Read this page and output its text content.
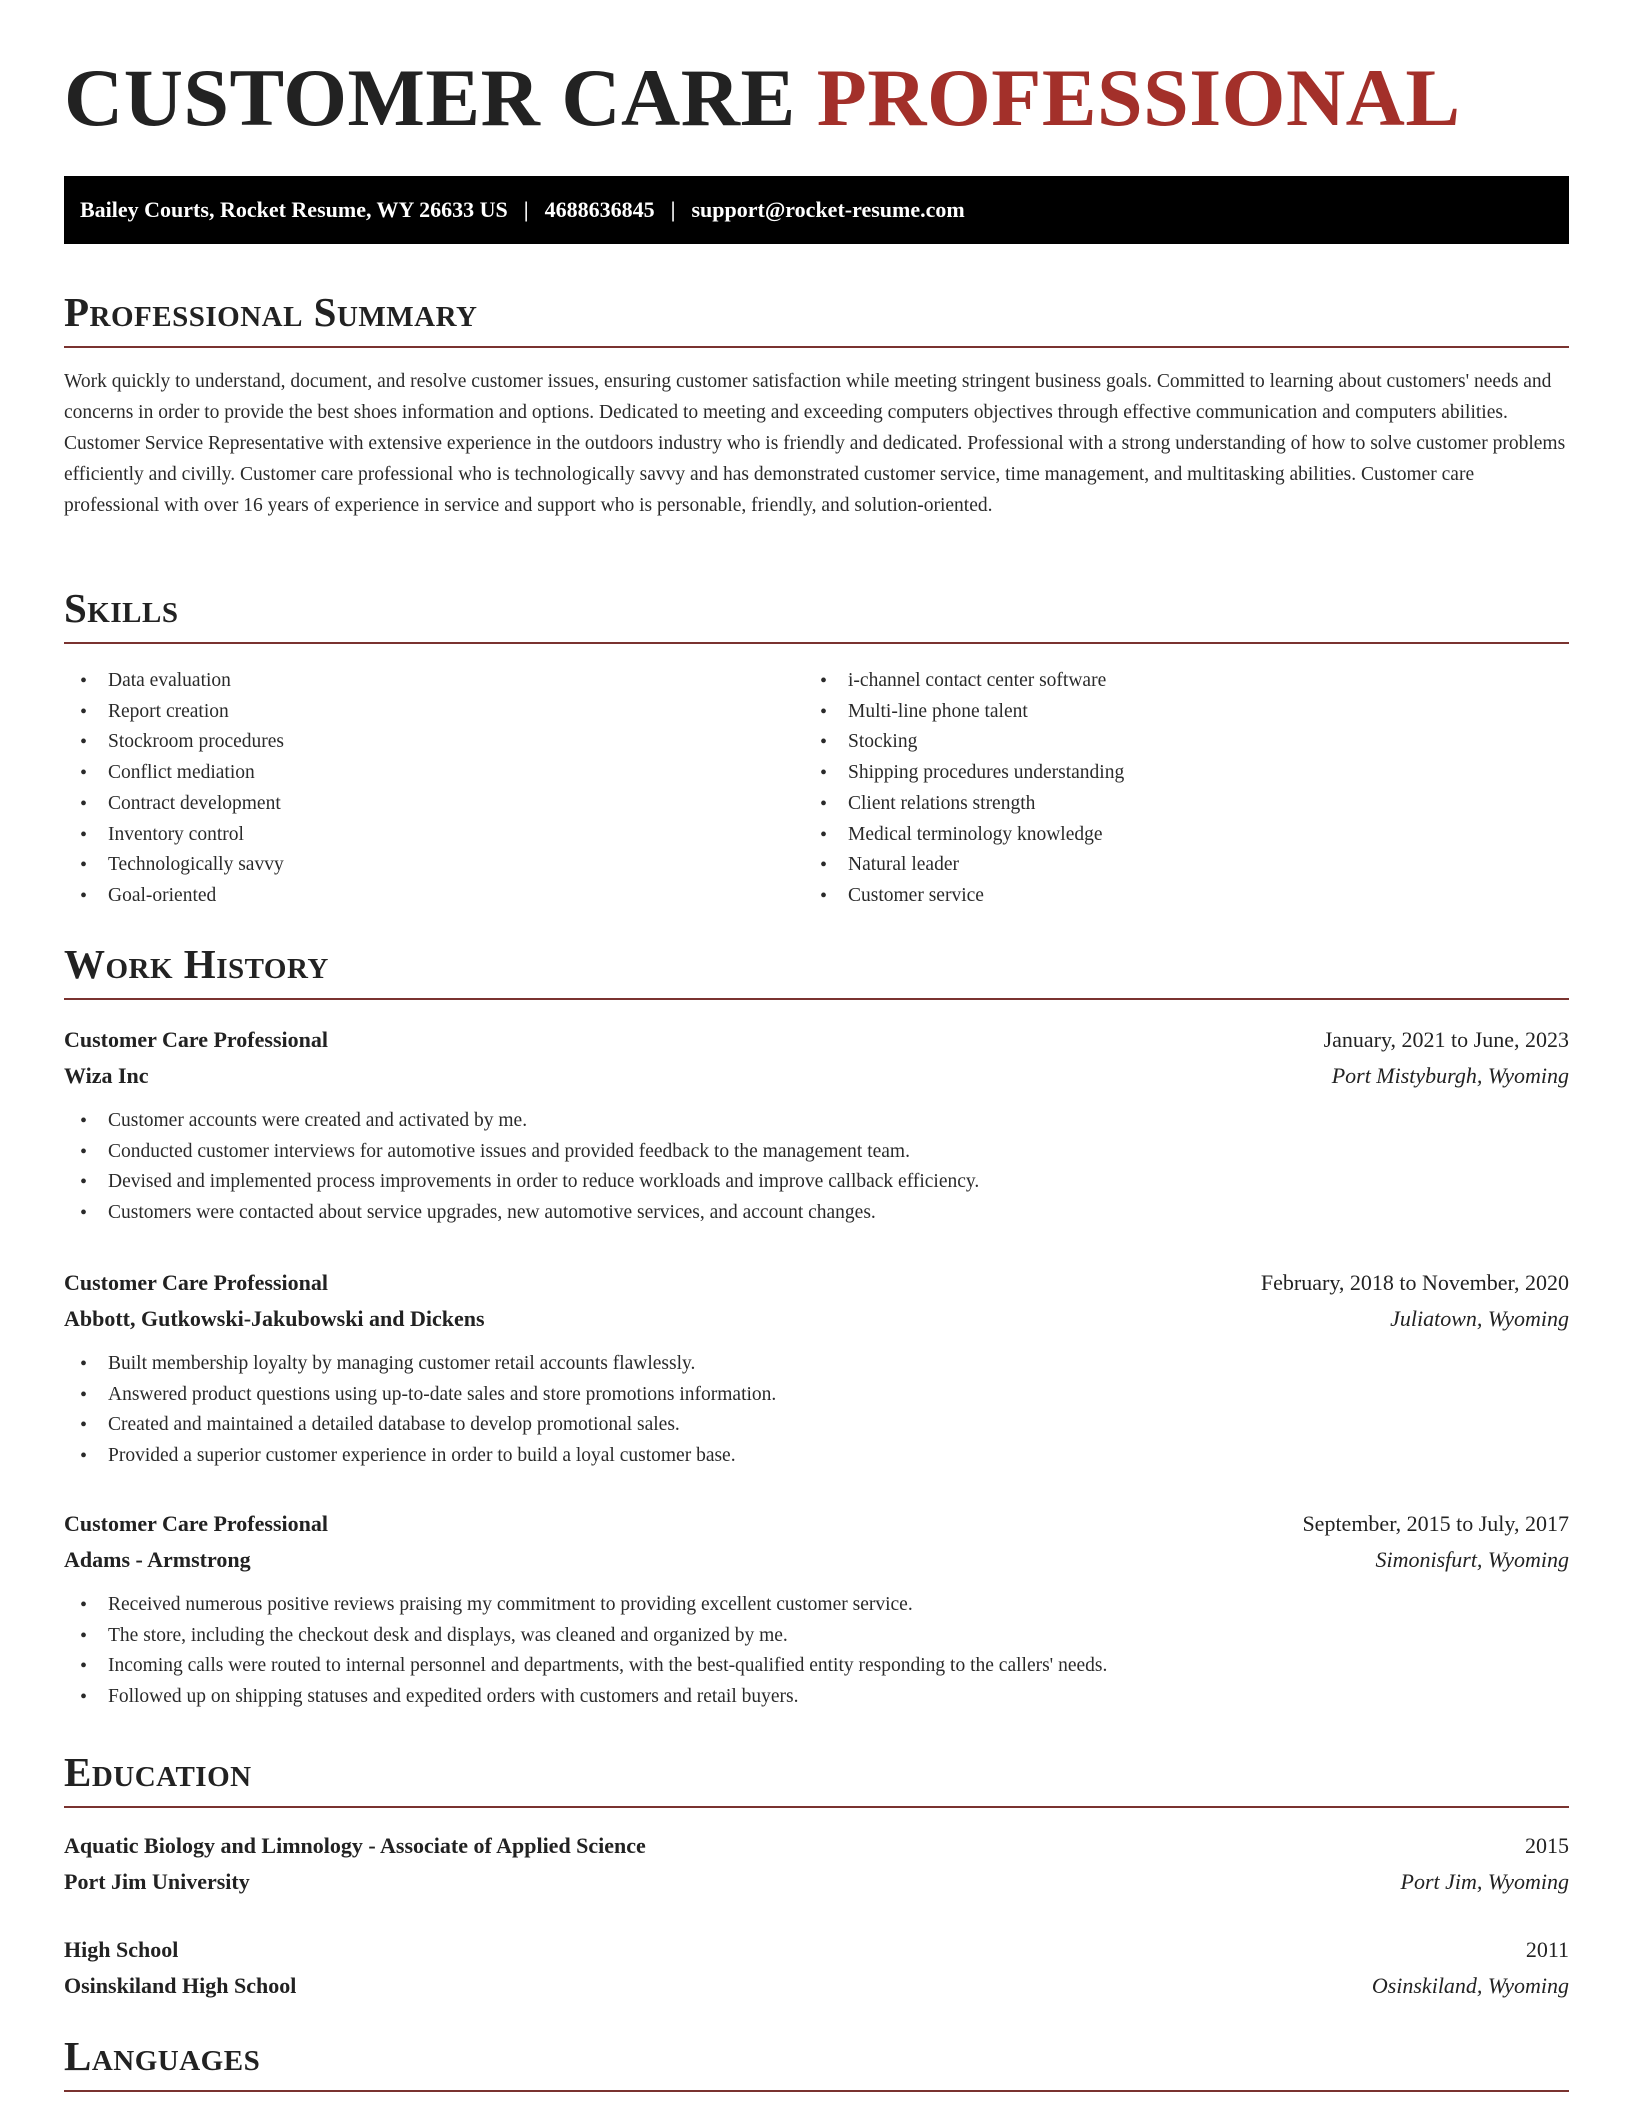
CUSTOMER CARE PROFESSIONAL
Bailey Courts, Rocket Resume, WY 26633 US | 4688636845 | support@rocket-resume.com
Professional Summary

Work quickly to understand, document, and resolve customer issues, ensuring customer satisfaction while meeting stringent business goals. Committed to learning about customers' needs and concerns in order to provide the best shoes information and options. Dedicated to meeting and exceeding computers objectives through effective communication and computers abilities. Customer Service Representative with extensive experience in the outdoors industry who is friendly and dedicated. Professional with a strong understanding of how to solve customer problems efficiently and civilly. Customer care professional who is technologically savvy and has demonstrated customer service, time management, and multitasking abilities. Customer care professional with over 16 years of experience in service and support who is personable, friendly, and solution-oriented.

Skills
• Data evaluation
• Report creation
• Stockroom procedures
• Conflict mediation
• Contract development
• Inventory control
• Technologically savvy
• Goal-oriented
• i-channel contact center software
• Multi-line phone talent
• Stocking
• Shipping procedures understanding
• Client relations strength
• Medical terminology knowledge
• Natural leader
• Customer service
Work History
Customer Care Professional	January, 2021 to June, 2023
Wiza Inc	Port Mistyburgh, Wyoming
• Customer accounts were created and activated by me.
• Conducted customer interviews for automotive issues and provided feedback to the management team.
• Devised and implemented process improvements in order to reduce workloads and improve callback efficiency.
• Customers were contacted about service upgrades, new automotive services, and account changes.
Customer Care Professional	February, 2018 to November, 2020
Abbott, Gutkowski-Jakubowski and Dickens	Juliatown, Wyoming
• Built membership loyalty by managing customer retail accounts flawlessly.
• Answered product questions using up-to-date sales and store promotions information.
• Created and maintained a detailed database to develop promotional sales.
• Provided a superior customer experience in order to build a loyal customer base.
Customer Care Professional	September, 2015 to July, 2017
Adams - Armstrong	Simonisfurt, Wyoming
• Received numerous positive reviews praising my commitment to providing excellent customer service.
• The store, including the checkout desk and displays, was cleaned and organized by me.
• Incoming calls were routed to internal personnel and departments, with the best-qualified entity responding to the callers' needs.
• Followed up on shipping statuses and expedited orders with customers and retail buyers.
Education
Aquatic Biology and Limnology - Associate of Applied Science	2015
Port Jim University	Port Jim, Wyoming
High School	2011
Osinskiland High School	Osinskiland, Wyoming
Languages
